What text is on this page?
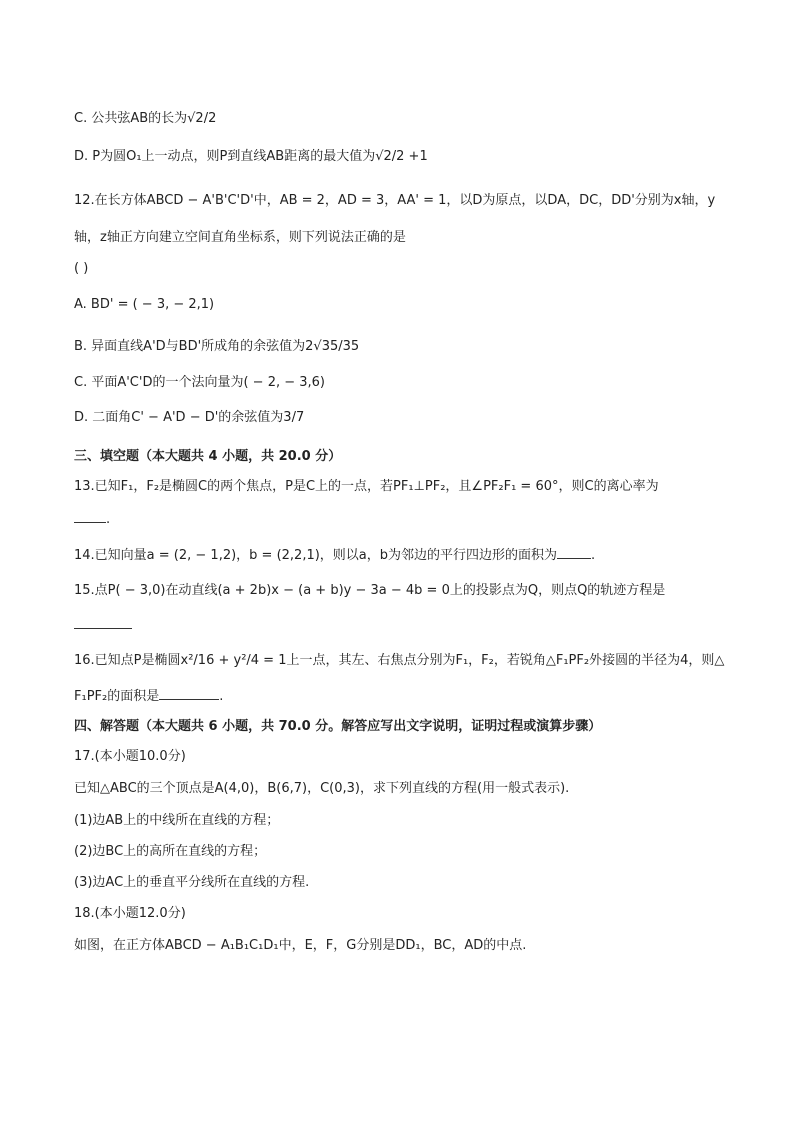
C. 公共弦AB的长为√2/2
D. P为圆O₁上一动点，则P到直线AB距离的最大值为√2/2 +1
12.在长方体ABCD − A'B'C'D'中，AB = 2，AD = 3，AA' = 1，以D为原点，以DA，DC，DD'分别为x轴，y
轴，z轴正方向建立空间直角坐标系，则下列说法正确的是
( )
A. BD' = ( − 3, − 2,1)
B. 异面直线A'D与BD'所成角的余弦值为2√35/35
C. 平面A'C'D的一个法向量为( − 2, − 3,6)
D. 二面角C' − A'D − D'的余弦值为3/7
三、填空题（本大题共 4 小题，共 20.0 分）
13.已知F₁，F₂是椭圆C的两个焦点，P是C上的一点，若PF₁⊥PF₂，且∠PF₂F₁ = 60°，则C的离心率为
.
14.已知向量a = (2, − 1,2)，b = (2,2,1)，则以a，b为邻边的平行四边形的面积为	.
15.点P( − 3,0)在动直线(a + 2b)x − (a + b)y − 3a − 4b = 0上的投影点为Q，则点Q的轨迹方程是
16.已知点P是椭圆x²/16 + y²/4 = 1上一点，其左、右焦点分别为F₁，F₂，若锐角△F₁PF₂外接圆的半径为4，则△
F₁PF₂的面积是	.
四、解答题（本大题共 6 小题，共 70.0 分。解答应写出文字说明，证明过程或演算步骤）
17.(本小题10.0分)
已知△ABC的三个顶点是A(4,0)，B(6,7)，C(0,3)，求下列直线的方程(用一般式表示).
(1)边AB上的中线所在直线的方程；
(2)边BC上的高所在直线的方程；
(3)边AC上的垂直平分线所在直线的方程.
18.(本小题12.0分)
如图，在正方体ABCD − A₁B₁C₁D₁中，E，F，G分别是DD₁，BC，AD的中点.
